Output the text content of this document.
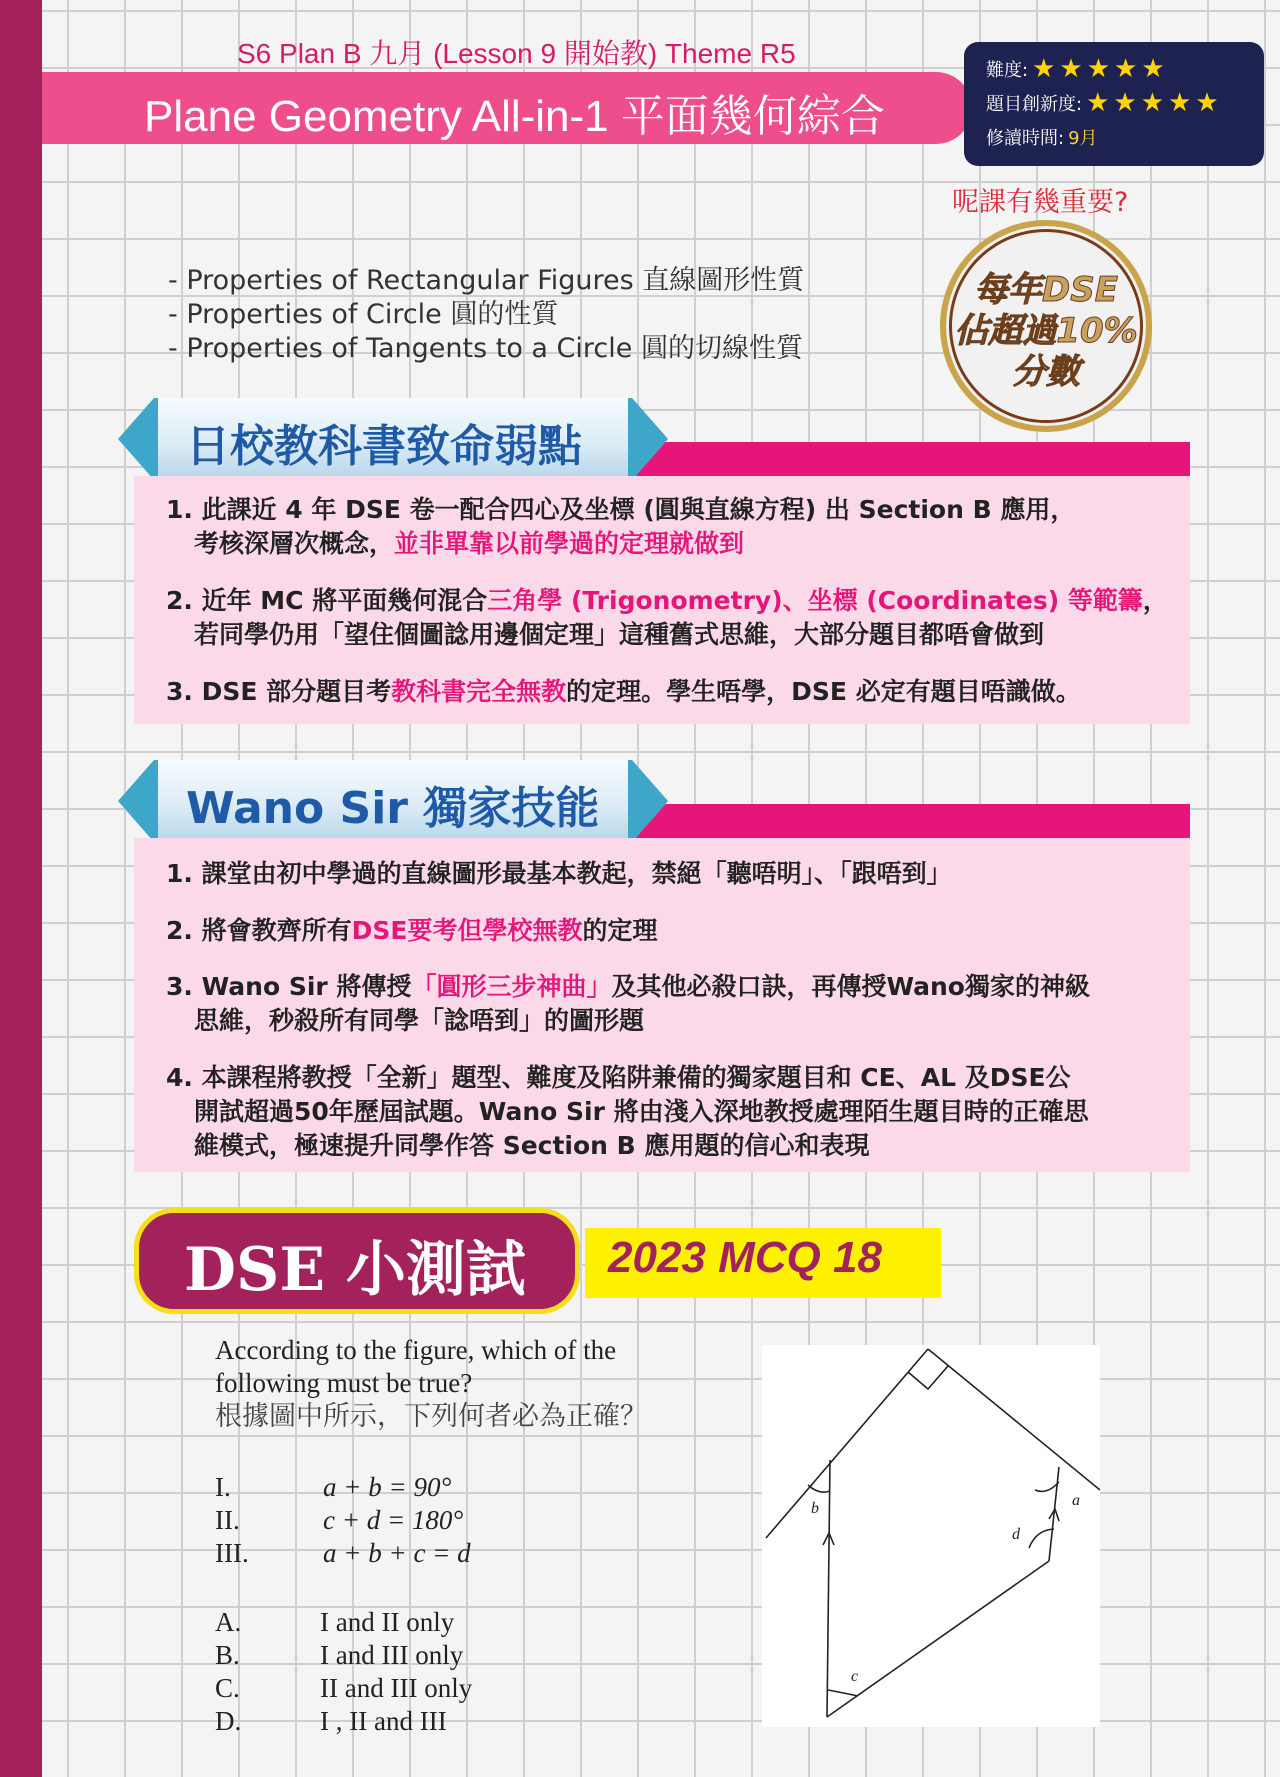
S6 Plan B 九月 (Lesson 9 開始教) Theme R5
Plane Geometry All-in-1 平面幾何綜合
難度: ★★★★★
題目創新度: ★★★★★
修讀時間: 9月
呢課有幾重要?
每年DSE
佔超過10%
分數
- Properties of Rectangular Figures 直線圖形性質
- Properties of Circle 圓的性質
- Properties of Tangents to a Circle 圓的切線性質
日校教科書致命弱點
1. 此課近 4 年 DSE 卷一配合四心及坐標 (圓與直線方程) 出 Section B 應用，
考核深層次概念，並非單靠以前學過的定理就做到
2. 近年 MC 將平面幾何混合三角學 (Trigonometry)、坐標 (Coordinates) 等範籌，
若同學仍用「望住個圖諗用邊個定理」這種舊式思維，大部分題目都唔會做到
3. DSE 部分題目考教科書完全無教的定理。學生唔學，DSE 必定有題目唔識做。
Wano Sir 獨家技能
1. 課堂由初中學過的直線圖形最基本教起，禁絕「聽唔明」、「跟唔到」
2. 將會教齊所有DSE要考但學校無教的定理
3. Wano Sir 將傳授「圓形三步神曲」及其他必殺口訣，再傳授Wano獨家的神級
思維，秒殺所有同學「諗唔到」的圖形題
4. 本課程將教授「全新」題型、難度及陷阱兼備的獨家題目和 CE、AL 及DSE公
開試超過50年歷屆試題。Wano Sir 將由淺入深地教授處理陌生題目時的正確思
維模式，極速提升同學作答 Section B 應用題的信心和表現
DSE 小測試 2023 MCQ 18
According to the figure, which of the
following must be true?
根據圖中所示，下列何者必為正確？
I.	a + b = 90°
II.	c + d = 180°
III.	a + b + c = d
A.	I and II only
B.	I and III only
C.	II and III only
D.	I , II and III
b	a
c
d
